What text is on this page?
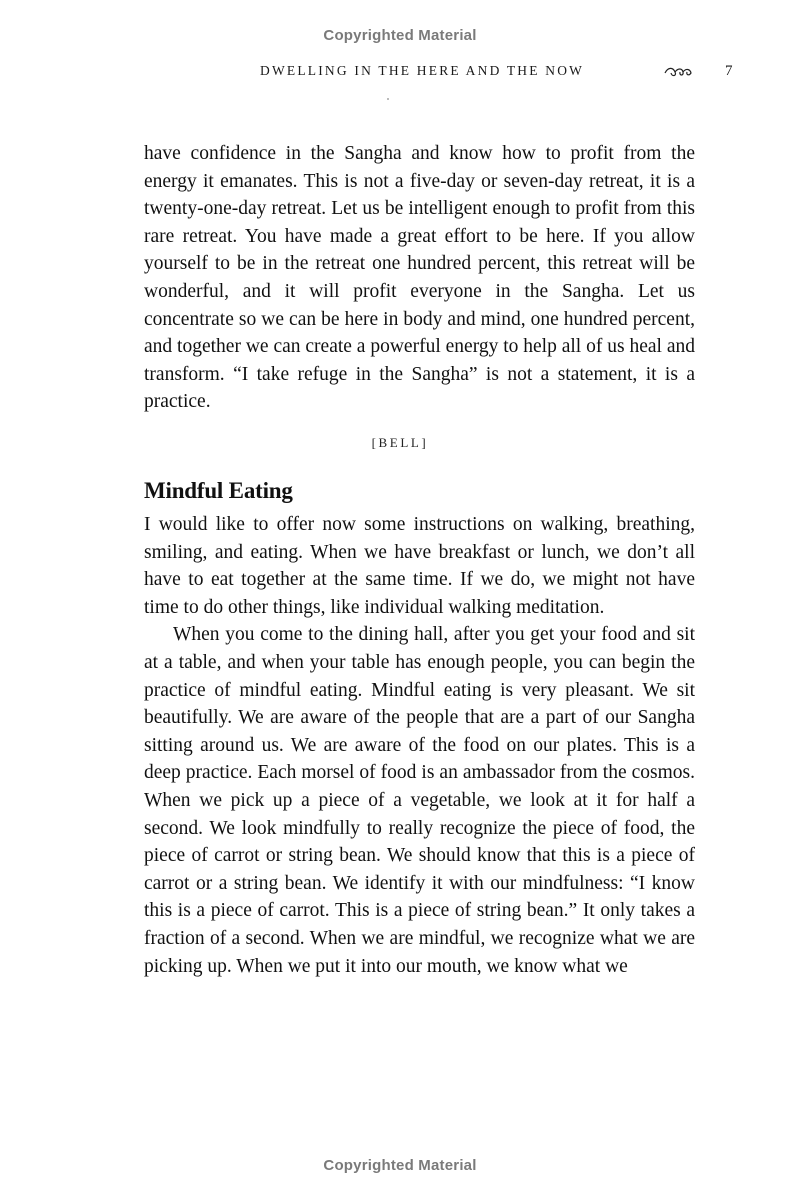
Copyrighted Material
DWELLING IN THE HERE AND THE NOW	7

have confidence in the Sangha and know how to profit from the energy it emanates. This is not a five-day or seven-day retreat, it is a twenty-one-day retreat. Let us be intelligent enough to profit from this rare retreat. You have made a great effort to be here. If you allow yourself to be in the retreat one hundred percent, this retreat will be wonderful, and it will profit everyone in the Sangha. Let us concentrate so we can be here in body and mind, one hundred percent, and together we can create a powerful energy to help all of us heal and transform. “I take refuge in the Sangha” is not a statement, it is a practice.

[BELL]
Mindful Eating

I would like to offer now some instructions on walking, breathing, smiling, and eating. When we have breakfast or lunch, we don’t all have to eat together at the same time. If we do, we might not have time to do other things, like individual walking meditation.

When you come to the dining hall, after you get your food and sit at a table, and when your table has enough people, you can begin the practice of mindful eating. Mindful eating is very pleasant. We sit beautifully. We are aware of the people that are a part of our Sangha sitting around us. We are aware of the food on our plates. This is a deep practice. Each morsel of food is an ambassador from the cosmos. When we pick up a piece of a vegetable, we look at it for half a second. We look mindfully to really recognize the piece of food, the piece of carrot or string bean. We should know that this is a piece of carrot or a string bean. We identify it with our mindfulness: “I know this is a piece of carrot. This is a piece of string bean.” It only takes a fraction of a second. When we are mindful, we recognize what we are picking up. When we put it into our mouth, we know what we

Copyrighted Material
